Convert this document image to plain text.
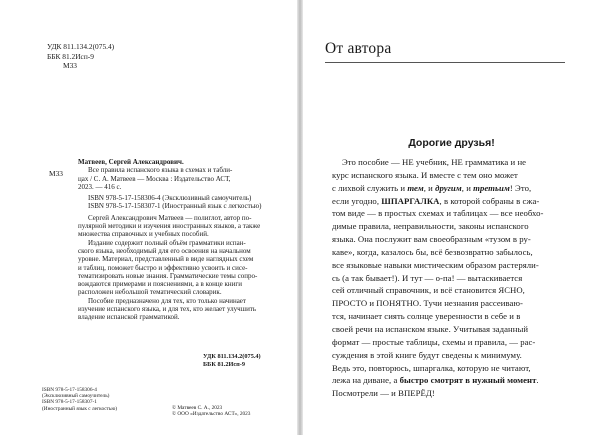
УДК 811.134.2(075.4)
ББК 81.2Исп-9
М33
М33
Матвеев, Сергей Александрович.
Все правила испанского языка в схемах и табли-
цах / С. А. Матвеев — Москва : Издательство АСТ,
2023. — 416 с.
ISBN 978-5-17-158306-4 (Эксклюзивный самоучитель)
ISBN 978-5-17-158307-1 (Иностранный язык с легкостью)
Сергей Александрович Матвеев — полиглот, автор по-
пулярной методики и изучения иностранных языков, а также
множества справочных и учебных пособий.
Издание содержит полный объём грамматики испан-
ского языка, необходимый для его освоения на начальном
уровне. Материал, представленный в виде наглядных схем
и таблиц, поможет быстро и эффективно усвоить и сисе-
тематизировать новые знания. Грамматические темы сопро-
вождаются примерами и пояснениями, а в конце книги
расположен небольшой тематический словарик.
Пособие предназначено для тех, кто только начинает
изучение испанского языка, и для тех, кто желает улучшить
владение испанской грамматикой.
УДК 811.134.2(075.4)
ББК 81.2Исп-9
ISBN 978-5-17-158306-4
(Эксклюзивный самоучитель)
ISBN 978-5-17-158307-1
(Иностранный язык с легкостью)	© Матвеев С. А., 2023
© ООО «Издательство АСТ», 2023
От автора
Дорогие друзья!
Это пособие — НЕ учебник, НЕ грамматика и не
курс испанского языка. И вместе с тем оно может
с лихвой служить и тем, и другим, и третьим! Это,
если угодно, ШПАРГАЛКА, в которой собраны в сжа-
том виде — в простых схемах и таблицах — все необхо-
димые правила, неправильности, законы испанского
языка. Она послужит вам своеобразным «тузом в ру-
каве», когда, казалось бы, всё безвозвратно забылось,
все языковые навыки мистическим образом растеряли-
сь (а так бывает!). И тут — о-па! — вытаскивается
сей отличный справочник, и всё становится ЯСНО,
ПРОСТО и ПОНЯТНО. Тучи незнания рассеиваю-
тся, начинает сиять солнце уверенности в себе и в
своей речи на испанском языке. Учитывая заданный
формат — простые таблицы, схемы и правила, — рас-
суждения в этой книге будут сведены к минимуму.
Ведь это, повторюсь, шпаргалка, которую не читают,
лежа на диване, а быстро смотрят в нужный момент.
Посмотрели — и ВПЕРЁД!
